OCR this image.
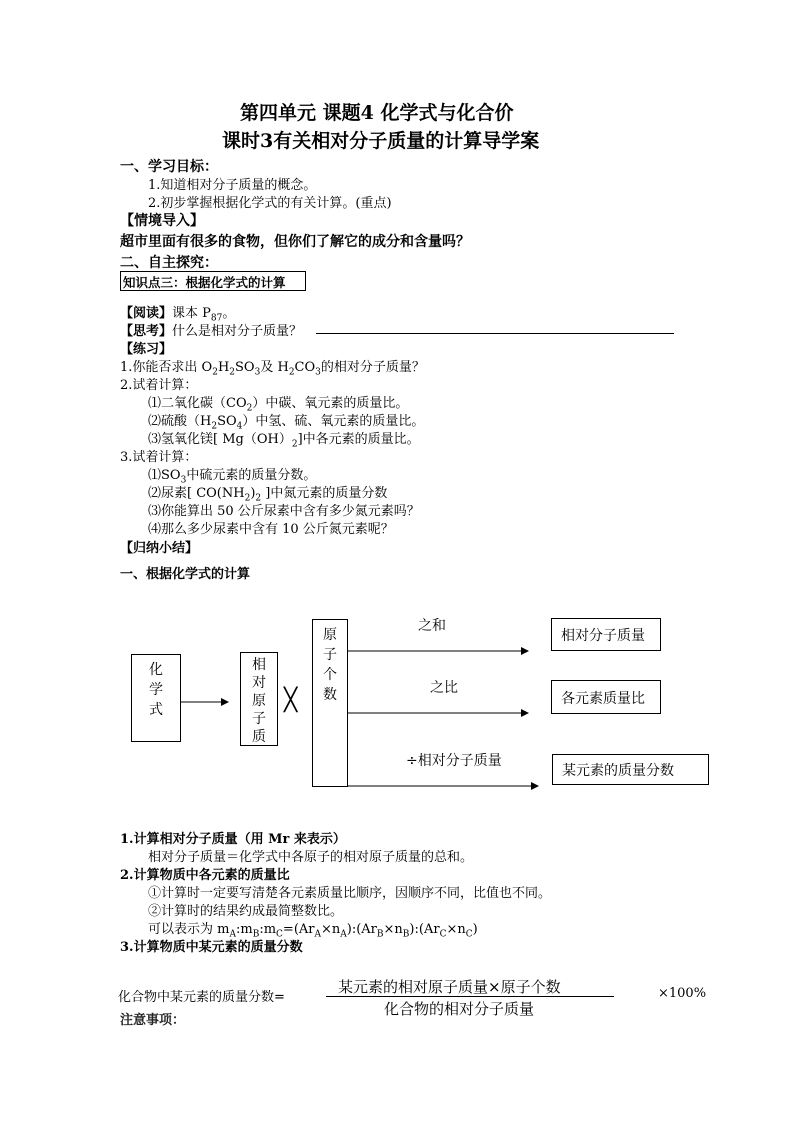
第四单元 课题4 化学式与化合价
课时3有关相对分子质量的计算导学案
一、学习目标：
1.知道相对分子质量的概念。
2.初步掌握根据化学式的有关计算。(重点)
【情境导入】
超市里面有很多的食物，但你们了解它的成分和含量吗？
二、自主探究：
知识点三：根据化学式的计算
【阅读】课本 $P_{87}$。
【思考】什么是相对分子质量？
【练习】
1.你能否求出 $O_2H_2SO_3$及 $H_2CO_3$的相对分子质量？
2.试着计算：
⑴二氧化碳$(CO_2)$中碳、氧元素的质量比。
⑵硫酸$(H_2SO_4)$中氢、硫、氧元素的质量比。
⑶氢氧化镁[ $Mg(OH)_2$]中各元素的质量比。
3.试着计算：
$⑴SO_3$中硫元素的质量分数。
⑵尿素[ $CO(NH_2)_2$ ]中氮元素的质量分数
⑶你能算出 50 公斤尿素中含有多少氮元素吗？
⑷那么多少尿素中含有 10 公斤氮元素呢？
【归纳小结】
一、根据化学式的计算
化
学
式
相
对
原
子
质
╳
原
子
个
数
之和
之比
÷相对分子质量
相对分子质量
各元素质量比
某元素的质量分数
1.计算相对分子质量（用 Mr 来表示）
相对分子质量＝化学式中各原子的相对原子质量的总和。
2.计算物质中各元素的质量比
①计算时一定要写清楚各元素质量比顺序，因顺序不同，比值也不同。
②计算时的结果约成最简整数比。
可以表示为 $m_A:m_B:m_C=(Ar_A\times n_A):(Ar_B\times n_B):(Ar_C\times n_C)$
3.计算物质中某元素的质量分数
化合物中某元素的质量分数=
某元素的相对原子质量×原子个数
化合物的相对分子质量
×100%
注意事项：
